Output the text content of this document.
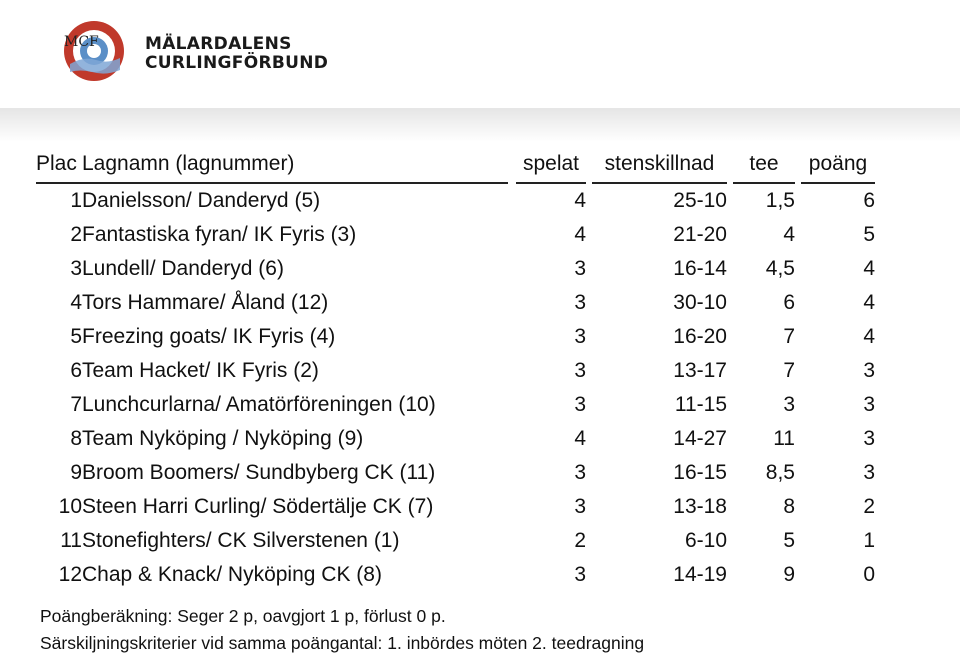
MCF	MÄLARDALENS
CURLINGFÖRBUND
Plac	Lagnamn (lagnummer)		spelat		stenskillnad		tee		poäng
1	Danielsson/ Danderyd (5)		4		25-10		1,5		6
2	Fantastiska fyran/ IK Fyris (3)		4		21-20		4		5
3	Lundell/ Danderyd (6)		3		16-14		4,5		4
4	Tors Hammare/ Åland (12)		3		30-10		6		4
5	Freezing goats/ IK Fyris (4)		3		16-20		7		4
6	Team Hacket/ IK Fyris (2)		3		13-17		7		3
7	Lunchcurlarna/ Amatörföreningen (10)		3		11-15		3		3
8	Team Nyköping / Nyköping (9)		4		14-27		11		3
9	Broom Boomers/ Sundbyberg CK (11)		3		16-15		8,5		3
10	Steen Harri Curling/ Södertälje CK (7)		3		13-18		8		2
11	Stonefighters/ CK Silverstenen (1)		2		6-10		5		1
12	Chap & Knack/ Nyköping CK (8)		3		14-19		9		0
Poängberäkning: Seger 2 p, oavgjort 1 p, förlust 0 p.
Särskiljningskriterier vid samma poängantal: 1. inbördes möten 2. teedragning
